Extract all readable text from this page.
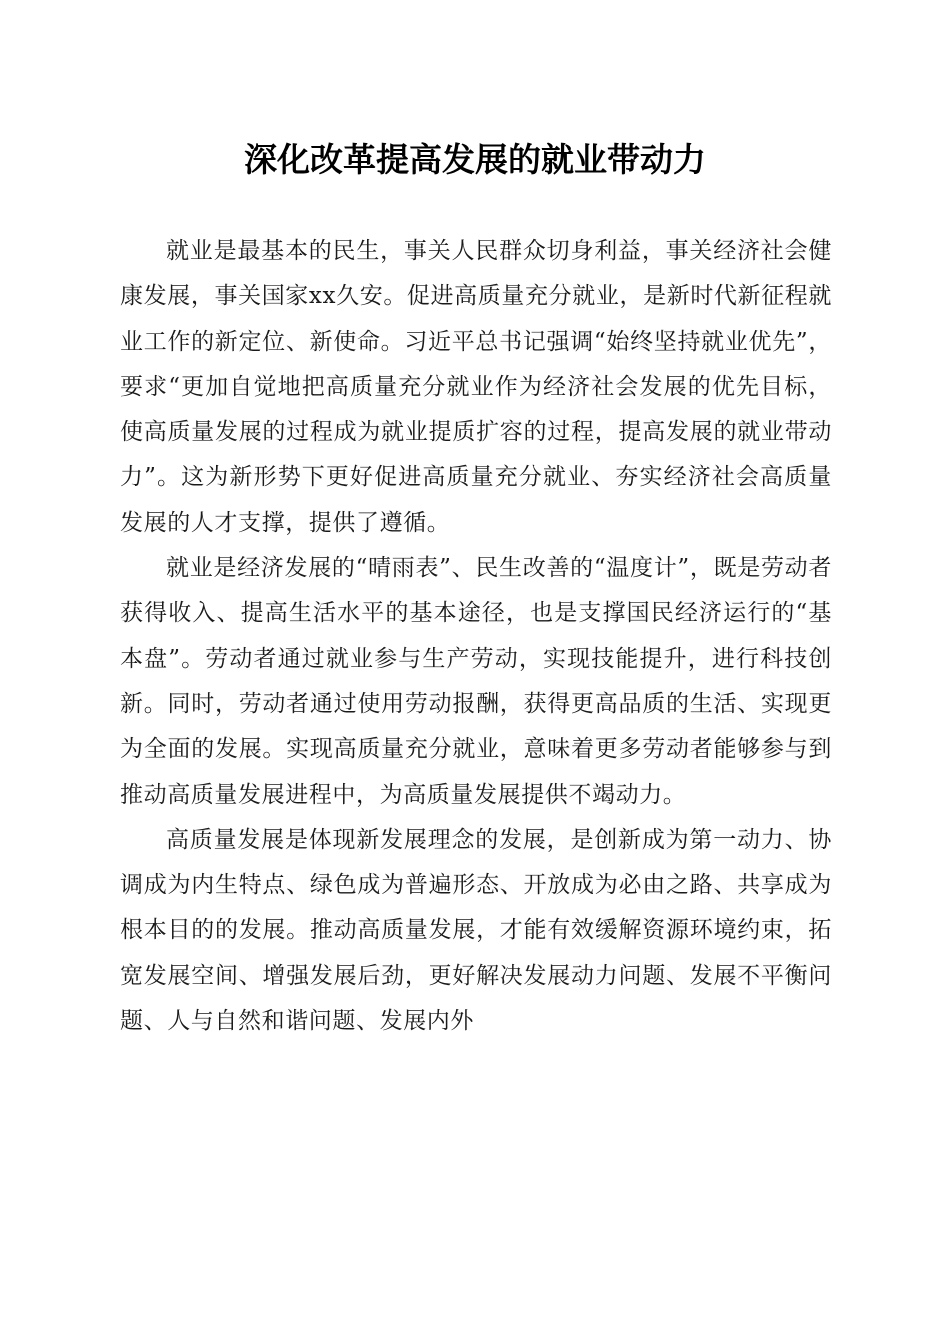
深化改革提高发展的就业带动力

就业是最基本的民生，事关人民群众切身利益，事关经济社会健康发展，事关国家xx久安。促进高质量充分就业，是新时代新征程就业工作的新定位、新使命。习近平总书记强调“始终坚持就业优先”，要求“更加自觉地把高质量充分就业作为经济社会发展的优先目标，使高质量发展的过程成为就业提质扩容的过程，提高发展的就业带动力”。这为新形势下更好促进高质量充分就业、夯实经济社会高质量发展的人才支撑，提供了遵循。

就业是经济发展的“晴雨表”、民生改善的“温度计”，既是劳动者获得收入、提高生活水平的基本途径，也是支撑国民经济运行的“基本盘”。劳动者通过就业参与生产劳动，实现技能提升，进行科技创新。同时，劳动者通过使用劳动报酬，获得更高品质的生活、实现更为全面的发展。实现高质量充分就业，意味着更多劳动者能够参与到推动高质量发展进程中，为高质量发展提供不竭动力。

高质量发展是体现新发展理念的发展，是创新成为第一动力、协调成为内生特点、绿色成为普遍形态、开放成为必由之路、共享成为根本目的的发展。推动高质量发展，才能有效缓解资源环境约束，拓宽发展空间、增强发展后劲，更好解决发展动力问题、发展不平衡问题、人与自然和谐问题、发展内外
